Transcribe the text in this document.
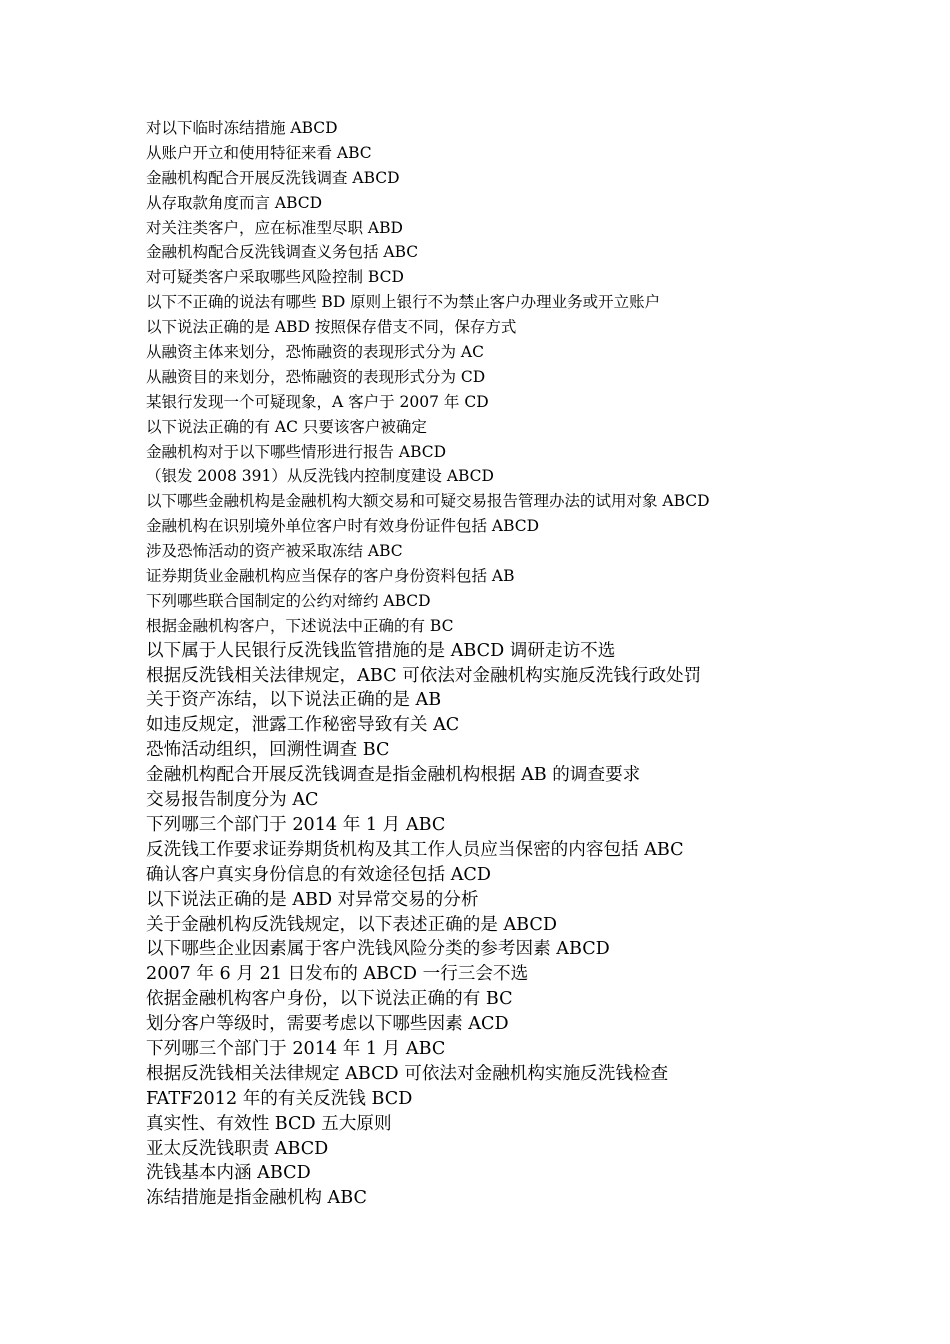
对以下临时冻结措施 ABCD
从账户开立和使用特征来看 ABC
金融机构配合开展反洗钱调查 ABCD
从存取款角度而言 ABCD
对关注类客户，应在标准型尽职 ABD
金融机构配合反洗钱调查义务包括 ABC
对可疑类客户采取哪些风险控制 BCD
以下不正确的说法有哪些 BD 原则上银行不为禁止客户办理业务或开立账户
以下说法正确的是 ABD 按照保存借支不同，保存方式
从融资主体来划分，恐怖融资的表现形式分为 AC
从融资目的来划分，恐怖融资的表现形式分为 CD
某银行发现一个可疑现象，A 客户于 2007 年 CD
以下说法正确的有 AC 只要该客户被确定
金融机构对于以下哪些情形进行报告 ABCD
（银发 2008 391）从反洗钱内控制度建设 ABCD
以下哪些金融机构是金融机构大额交易和可疑交易报告管理办法的试用对象 ABCD
金融机构在识别境外单位客户时有效身份证件包括 ABCD
涉及恐怖活动的资产被采取冻结 ABC
证券期货业金融机构应当保存的客户身份资料包括 AB
下列哪些联合国制定的公约对缔约 ABCD
根据金融机构客户，下述说法中正确的有 BC
以下属于人民银行反洗钱监管措施的是 ABCD 调研走访不选
根据反洗钱相关法律规定，ABC 可依法对金融机构实施反洗钱行政处罚
关于资产冻结，以下说法正确的是 AB
如违反规定，泄露工作秘密导致有关 AC
恐怖活动组织，回溯性调查 BC
金融机构配合开展反洗钱调查是指金融机构根据 AB 的调查要求
交易报告制度分为 AC
下列哪三个部门于 2014 年 1 月 ABC
反洗钱工作要求证券期货机构及其工作人员应当保密的内容包括 ABC
确认客户真实身份信息的有效途径包括 ACD
以下说法正确的是 ABD 对异常交易的分析
关于金融机构反洗钱规定，以下表述正确的是 ABCD
以下哪些企业因素属于客户洗钱风险分类的参考因素 ABCD
2007 年 6 月 21 日发布的 ABCD 一行三会不选
依据金融机构客户身份，以下说法正确的有 BC
划分客户等级时，需要考虑以下哪些因素 ACD
下列哪三个部门于 2014 年 1 月 ABC
根据反洗钱相关法律规定 ABCD 可依法对金融机构实施反洗钱检查
FATF2012 年的有关反洗钱 BCD
真实性、有效性 BCD 五大原则
亚太反洗钱职责 ABCD
洗钱基本内涵 ABCD
冻结措施是指金融机构 ABC
